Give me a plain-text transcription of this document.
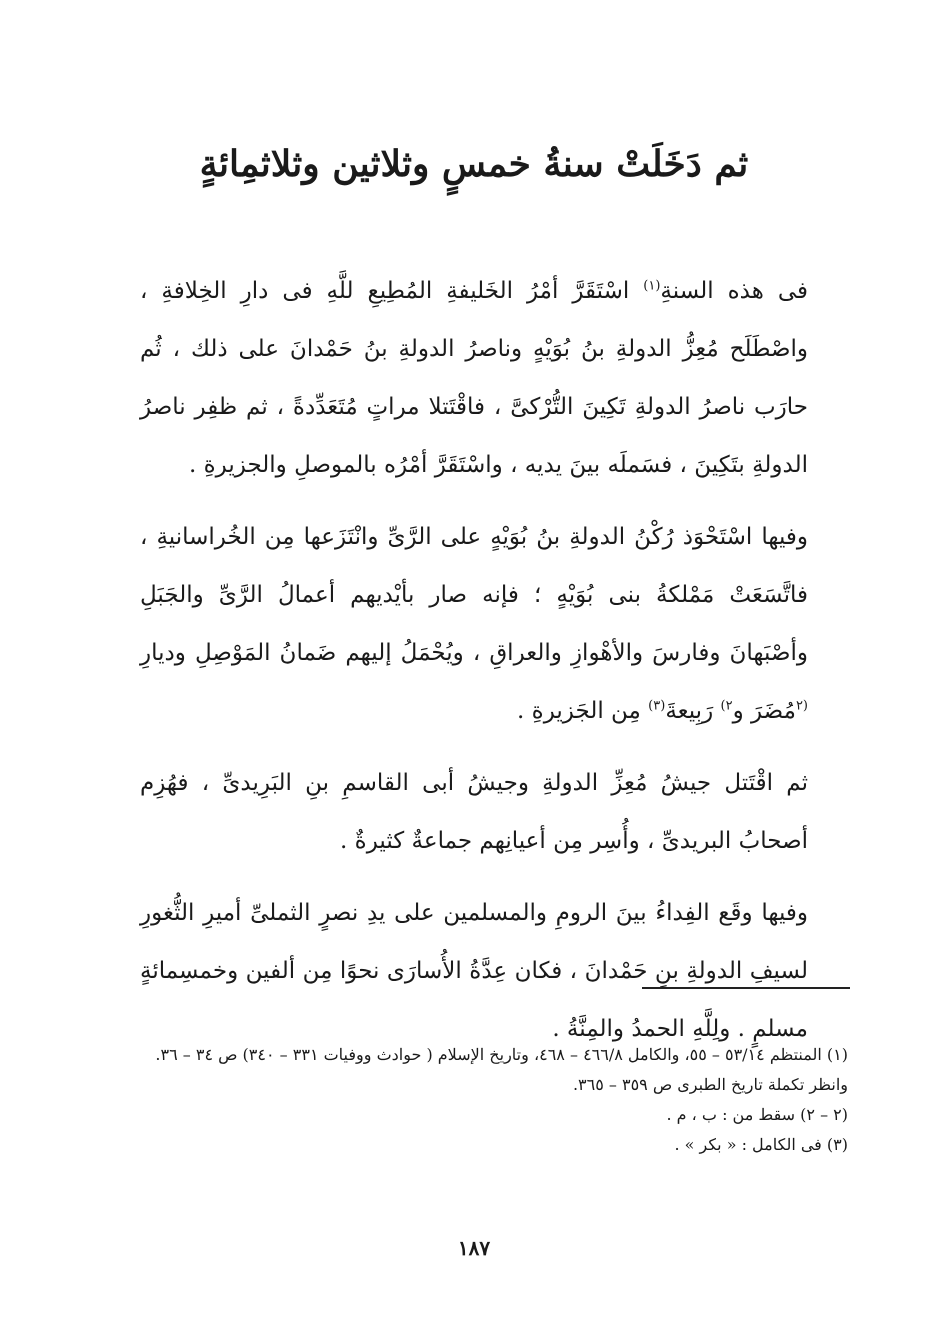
ثم دَخَلَتْ سنةُ خمسٍ وثلاثين وثلاثمِائةٍ

فى هذه السنةِ$^{(١)}$ اسْتَقَرَّ أمْرُ الخَليفةِ المُطِيعِ للَّهِ فى دارِ الخِلافةِ ، واصْطَلَح مُعِزُّ الدولةِ بنُ بُوَيْهٍ وناصرُ الدولةِ بنُ حَمْدانَ على ذلك ، ثُم حارَب ناصرُ الدولةِ تَكِينَ التُّرْكىَّ ، فاقْتَتلا مراتٍ مُتَعَدِّدةً ، ثم ظفِر ناصرُ الدولةِ بتَكِينَ ، فسَملَه بينَ يديه ، واسْتَقَرَّ أمْرُه بالموصلِ والجزيرةِ .

وفيها اسْتَحْوَذ رُكْنُ الدولةِ بنُ بُوَيْهٍ على الرَّىِّ وانْتَزَعها مِن الخُراسانيةِ ، فاتَّسَعَتْ مَمْلكةُ بنى بُوَيْهٍ ؛ فإنه صار بأيْديهم أعمالُ الرَّىِّ والجَبَلِ وأصْبَهانَ وفارسَ والأهْوازِ والعراقِ ، ويُحْمَلُ إليهم ضَمانُ المَوْصِلِ وديارِ $^{(٢}$مُضَرَ و$^{٢)}$ رَبِيعةَ$^{(٣)}$ مِن الجَزيرةِ .

ثم اقْتَتل جيشُ مُعِزِّ الدولةِ وجيشُ أبى القاسمِ بنِ البَرِيدىِّ ، فهُزِم أصحابُ البريدىِّ ، وأُسِر مِن أعيانِهم جماعةٌ كثيرةٌ .

وفيها وقَع الفِداءُ بينَ الرومِ والمسلمين على يدِ نصرٍ الثملىِّ أميرِ الثُّغورِ لسيفِ الدولةِ بنِ حَمْدانَ ، فكان عِدَّةُ الأُسارَى نحوًا مِن ألفين وخمسِمائةٍ مسلمٍ . ولِلَّهِ الحمدُ والمِنَّةُ .

(١) المنتظم ٥٣/١٤ – ٥٥، والكامل ٤٦٦/٨ – ٤٦٨، وتاريخ الإسلام ( حوادث ووفيات ٣٣١ – ٣٤٠) ص ٣٤ – ٣٦. وانظر تكملة تاريخ الطبرى ص ٣٥٩ – ٣٦٥.
(٢ – ٢) سقط من : ب ، م .
(٣) فى الكامل : « بكر » .
١٨٧
